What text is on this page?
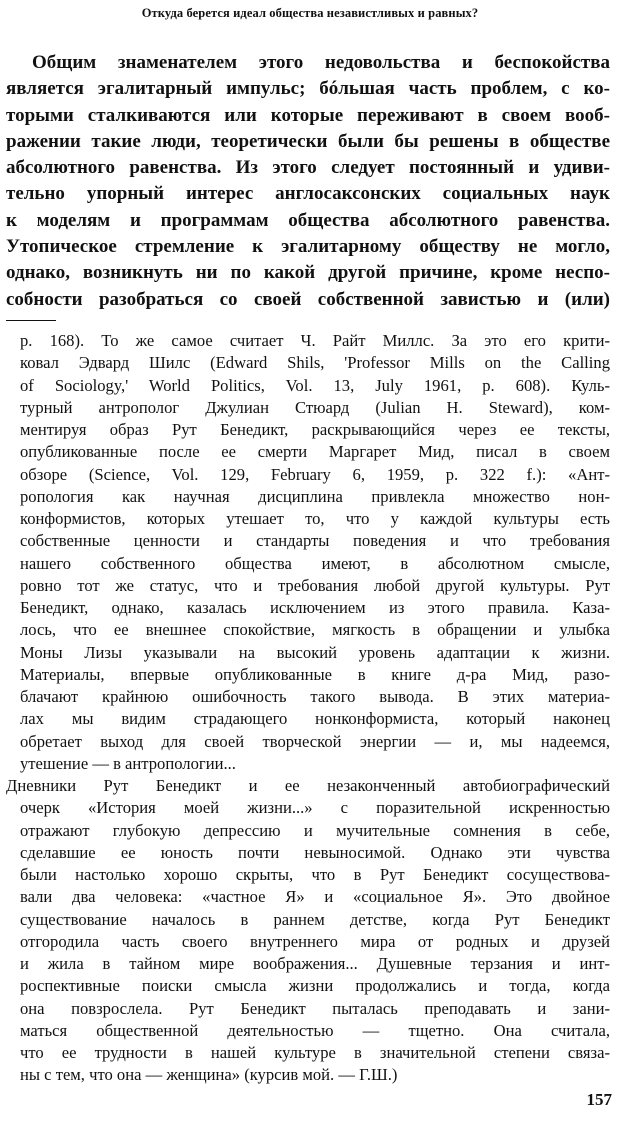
Откуда берется идеал общества независтливых и равных?
Общим знаменателем этого недовольства и беспокойства
является эгалитарный импульс; бóльшая часть проблем, с ко-
торыми сталкиваются или которые переживают в своем вооб-
ражении такие люди, теоретически были бы решены в обществе
абсолютного равенства. Из этого следует постоянный и удиви-
тельно упорный интерес англосаксонских социальных наук
к моделям и программам общества абсолютного равенства.
Утопическое стремление к эгалитарному обществу не могло,
однако, возникнуть ни по какой другой причине, кроме неспо-
собности разобраться со своей собственной завистью и (или)
р. 168). То же самое считает Ч. Райт Миллс. За это его крити-
ковал Эдвард Шилс (Edward Shils, 'Professor Mills on the Calling
of Sociology,' World Politics, Vol. 13, July 1961, p. 608). Куль-
турный антрополог Джулиан Стюард (Julian H. Steward), ком-
ментируя образ Рут Бенедикт, раскрывающийся через ее тексты,
опубликованные после ее смерти Маргарет Мид, писал в своем
обзоре (Science, Vol. 129, February 6, 1959, p. 322 f.): «Ант-
ропология как научная дисциплина привлекла множество нон-
конформистов, которых утешает то, что у каждой культуры есть
собственные ценности и стандарты поведения и что требования
нашего собственного общества имеют, в абсолютном смысле,
ровно тот же статус, что и требования любой другой культуры. Рут
Бенедикт, однако, казалась исключением из этого правила. Каза-
лось, что ее внешнее спокойствие, мягкость в обращении и улыбка
Моны Лизы указывали на высокий уровень адаптации к жизни.
Материалы, впервые опубликованные в книге д-ра Мид, разо-
блачают крайнюю ошибочность такого вывода. В этих материа-
лах мы видим страдающего нонконформиста, который наконец
обретает выход для своей творческой энергии — и, мы надеемся,
утешение — в антропологии...
Дневники Рут Бенедикт и ее незаконченный автобиографический
очерк «История моей жизни...» с поразительной искренностью
отражают глубокую депрессию и мучительные сомнения в себе,
сделавшие ее юность почти невыносимой. Однако эти чувства
были настолько хорошо скрыты, что в Рут Бенедикт сосуществова-
вали два человека: «частное Я» и «социальное Я». Это двойное
существование началось в раннем детстве, когда Рут Бенедикт
отгородила часть своего внутреннего мира от родных и друзей
и жила в тайном мире воображения... Душевные терзания и инт-
роспективные поиски смысла жизни продолжались и тогда, когда
она повзрослела. Рут Бенедикт пыталась преподавать и зани-
маться общественной деятельностью — тщетно. Она считала,
что ее трудности в нашей культуре в значительной степени связа-
ны с тем, что она — женщина» (курсив мой. — Г.Ш.)
157
